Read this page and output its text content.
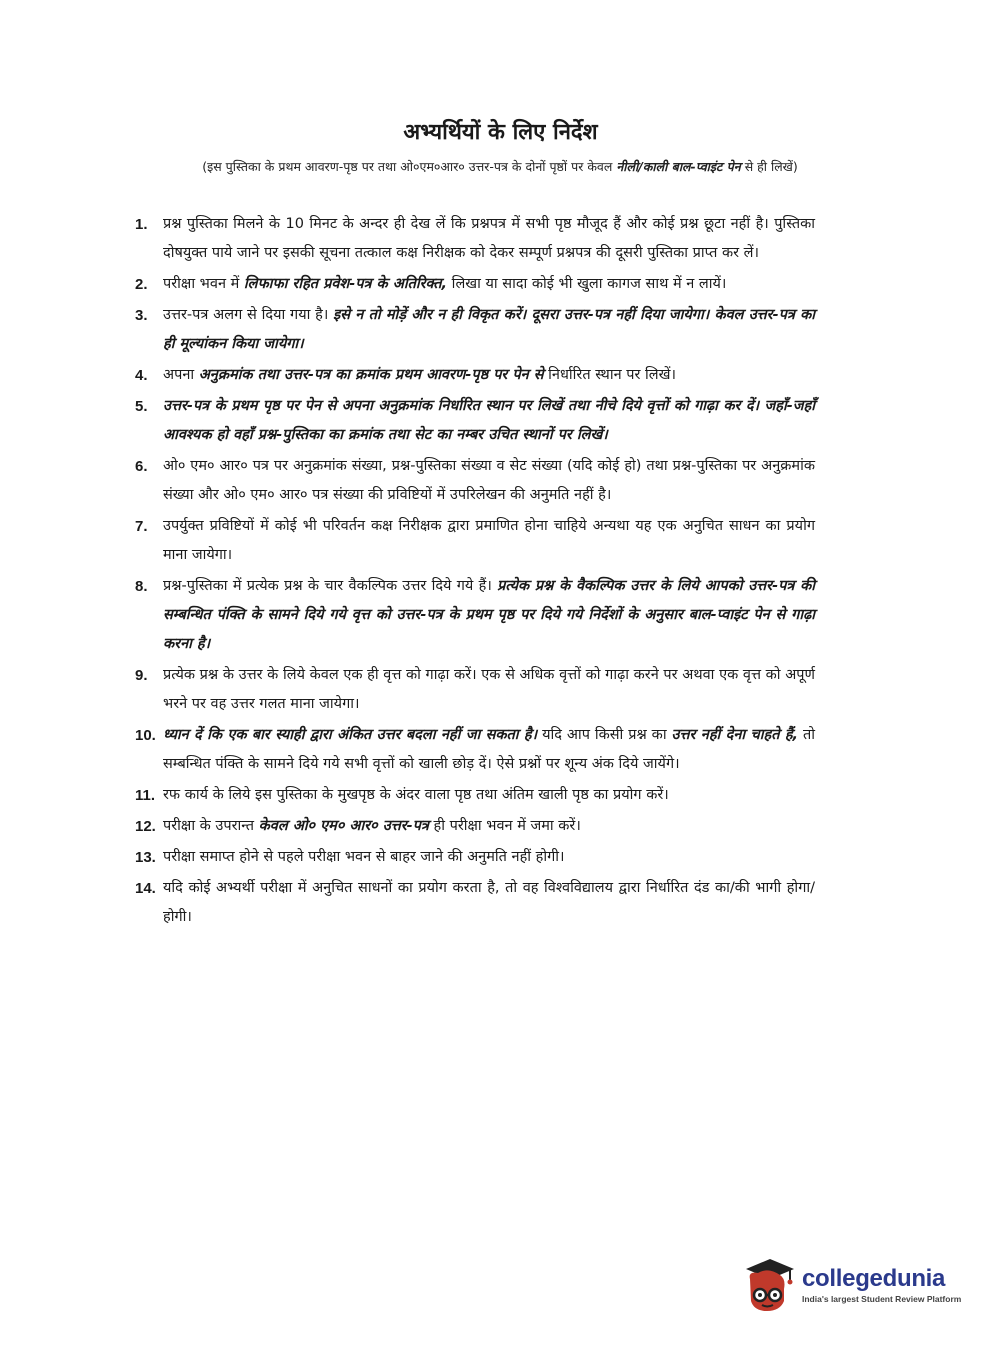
अभ्यर्थियों के लिए निर्देश
(इस पुस्तिका के प्रथम आवरण-पृष्ठ पर तथा ओ०एम०आर० उत्तर-पत्र के दोनों पृष्ठों पर केवल नीली/काली बाल-प्वाइंट पेन से ही लिखें)
1.	प्रश्न पुस्तिका मिलने के 10 मिनट के अन्दर ही देख लें कि प्रश्नपत्र में सभी पृष्ठ मौजूद हैं और कोई प्रश्न छूटा नहीं है। पुस्तिका दोषयुक्त पाये जाने पर इसकी सूचना तत्काल कक्ष निरीक्षक को देकर सम्पूर्ण प्रश्नपत्र की दूसरी पुस्तिका प्राप्त कर लें।
2.	परीक्षा भवन में लिफाफा रहित प्रवेश-पत्र के अतिरिक्त, लिखा या सादा कोई भी खुला कागज साथ में न लायें।
3.	उत्तर-पत्र अलग से दिया गया है। इसे न तो मोड़ें और न ही विकृत करें। दूसरा उत्तर-पत्र नहीं दिया जायेगा। केवल उत्तर-पत्र का ही मूल्यांकन किया जायेगा।
4.	अपना अनुक्रमांक तथा उत्तर-पत्र का क्रमांक प्रथम आवरण-पृष्ठ पर पेन से निर्धारित स्थान पर लिखें।
5.	उत्तर-पत्र के प्रथम पृष्ठ पर पेन से अपना अनुक्रमांक निर्धारित स्थान पर लिखें तथा नीचे दिये वृत्तों को गाढ़ा कर दें। जहाँ-जहाँ आवश्यक हो वहाँ प्रश्न-पुस्तिका का क्रमांक तथा सेट का नम्बर उचित स्थानों पर लिखें।
6.	ओ० एम० आर० पत्र पर अनुक्रमांक संख्या, प्रश्न-पुस्तिका संख्या व सेट संख्या (यदि कोई हो) तथा प्रश्न-पुस्तिका पर अनुक्रमांक संख्या और ओ० एम० आर० पत्र संख्या की प्रविष्टियों में उपरिलेखन की अनुमति नहीं है।
7.	उपर्युक्त प्रविष्टियों में कोई भी परिवर्तन कक्ष निरीक्षक द्वारा प्रमाणित होना चाहिये अन्यथा यह एक अनुचित साधन का प्रयोग माना जायेगा।
8.	प्रश्न-पुस्तिका में प्रत्येक प्रश्न के चार वैकल्पिक उत्तर दिये गये हैं। प्रत्येक प्रश्न के वैकल्पिक उत्तर के लिये आपको उत्तर-पत्र की सम्बन्धित पंक्ति के सामने दिये गये वृत्त को उत्तर-पत्र के प्रथम पृष्ठ पर दिये गये निर्देशों के अनुसार बाल-प्वाइंट पेन से गाढ़ा करना है।
9.	प्रत्येक प्रश्न के उत्तर के लिये केवल एक ही वृत्त को गाढ़ा करें। एक से अधिक वृत्तों को गाढ़ा करने पर अथवा एक वृत्त को अपूर्ण भरने पर वह उत्तर गलत माना जायेगा।
10. ध्यान दें कि एक बार स्याही द्वारा अंकित उत्तर बदला नहीं जा सकता है। यदि आप किसी प्रश्न का उत्तर नहीं देना चाहते हैं, तो सम्बन्धित पंक्ति के सामने दिये गये सभी वृत्तों को खाली छोड़ दें। ऐसे प्रश्नों पर शून्य अंक दिये जायेंगे।
11. रफ कार्य के लिये इस पुस्तिका के मुखपृष्ठ के अंदर वाला पृष्ठ तथा अंतिम खाली पृष्ठ का प्रयोग करें।
12. परीक्षा के उपरान्त केवल ओ० एम० आर० उत्तर-पत्र ही परीक्षा भवन में जमा करें।
13. परीक्षा समाप्त होने से पहले परीक्षा भवन से बाहर जाने की अनुमति नहीं होगी।
14. यदि कोई अभ्यर्थी परीक्षा में अनुचित साधनों का प्रयोग करता है, तो वह विश्वविद्यालय द्वारा निर्धारित दंड का/की भागी होगा/होगी।
collegedunia
India's largest Student Review Platform
